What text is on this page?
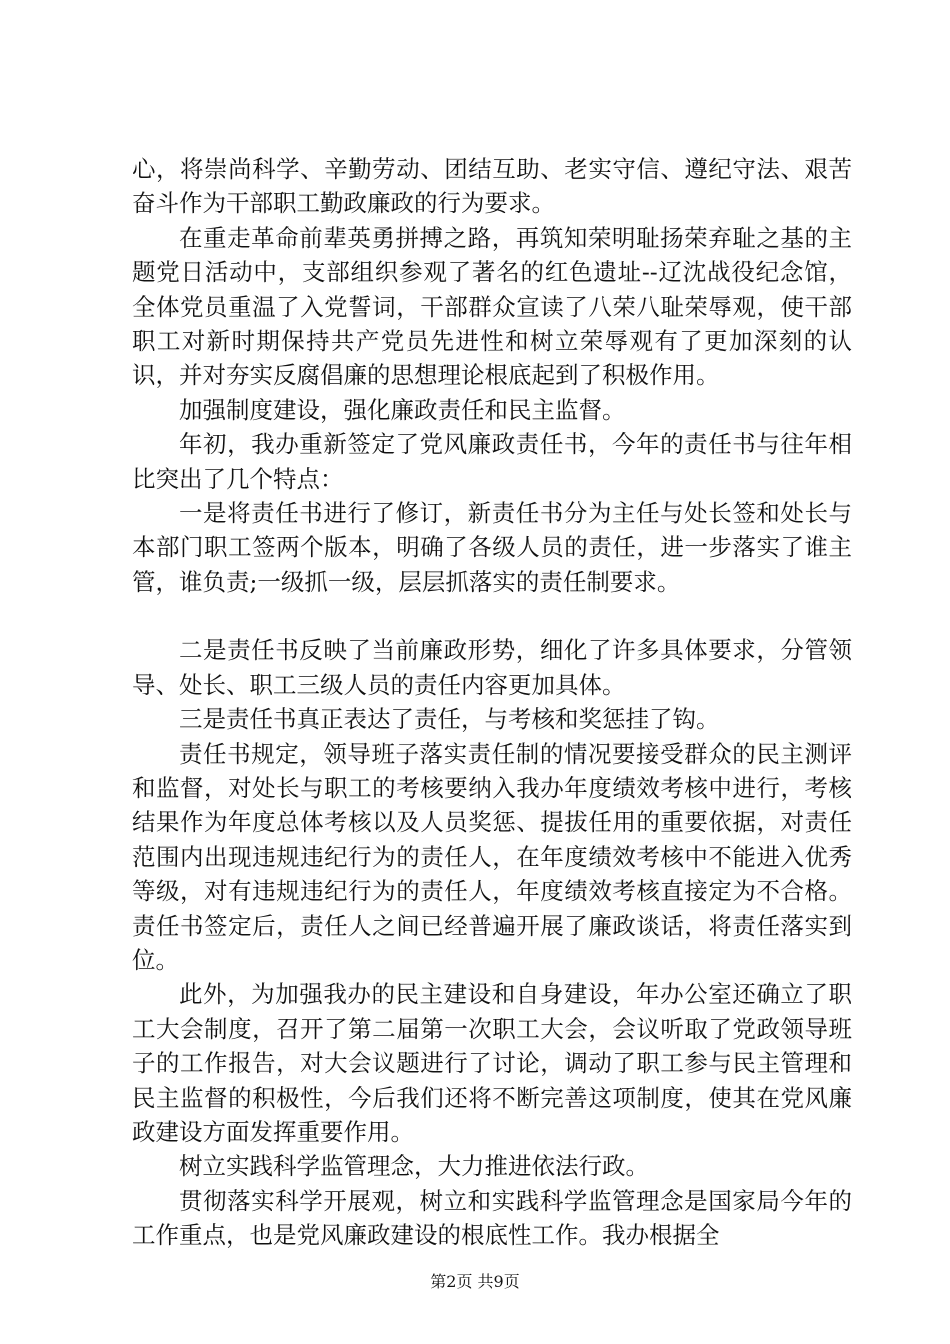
心，将崇尚科学、辛勤劳动、团结互助、老实守信、遵纪守法、艰苦奋斗作为干部职工勤政廉政的行为要求。

在重走革命前辈英勇拼搏之路，再筑知荣明耻扬荣弃耻之基的主题党日活动中，支部组织参观了著名的红色遗址--辽沈战役纪念馆，全体党员重温了入党誓词，干部群众宣读了八荣八耻荣辱观，使干部职工对新时期保持共产党员先进性和树立荣辱观有了更加深刻的认识，并对夯实反腐倡廉的思想理论根底起到了积极作用。

加强制度建设，强化廉政责任和民主监督。

年初，我办重新签定了党风廉政责任书，今年的责任书与往年相比突出了几个特点：

一是将责任书进行了修订，新责任书分为主任与处长签和处长与本部门职工签两个版本，明确了各级人员的责任，进一步落实了谁主管，谁负责;一级抓一级，层层抓落实的责任制要求。

二是责任书反映了当前廉政形势，细化了许多具体要求，分管领导、处长、职工三级人员的责任内容更加具体。

三是责任书真正表达了责任，与考核和奖惩挂了钩。

责任书规定，领导班子落实责任制的情况要接受群众的民主测评和监督，对处长与职工的考核要纳入我办年度绩效考核中进行，考核结果作为年度总体考核以及人员奖惩、提拔任用的重要依据，对责任范围内出现违规违纪行为的责任人，在年度绩效考核中不能进入优秀等级，对有违规违纪行为的责任人，年度绩效考核直接定为不合格。责任书签定后，责任人之间已经普遍开展了廉政谈话，将责任落实到位。

此外，为加强我办的民主建设和自身建设，年办公室还确立了职工大会制度，召开了第二届第一次职工大会，会议听取了党政领导班子的工作报告，对大会议题进行了讨论，调动了职工参与民主管理和民主监督的积极性，今后我们还将不断完善这项制度，使其在党风廉政建设方面发挥重要作用。

树立实践科学监管理念，大力推进依法行政。

贯彻落实科学开展观，树立和实践科学监管理念是国家局今年的工作重点，也是党风廉政建设的根底性工作。我办根据全

第2页 共9页
